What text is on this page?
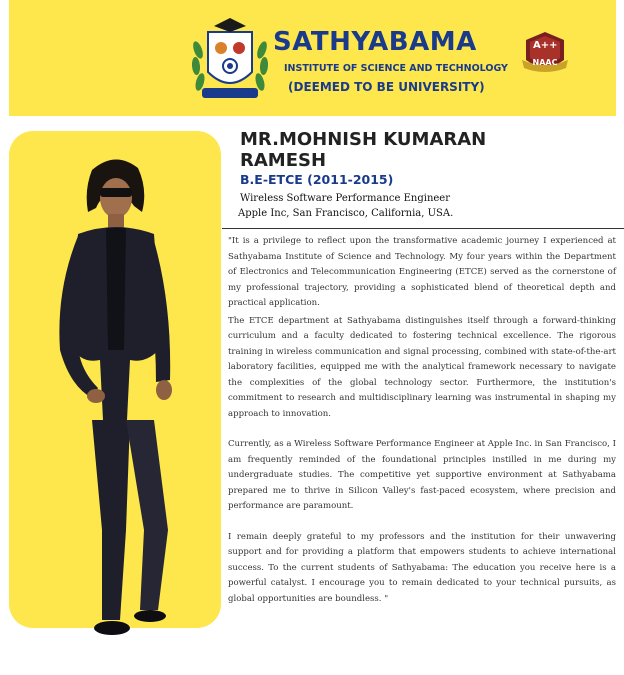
SATHYABAMA
INSTITUTE OF SCIENCE AND TECHNOLOGY
(DEEMED TO BE UNIVERSITY)
A++
NAAC
MR.MOHNISH KUMARAN
RAMESH
B.E-ETCE (2011-2015)
Wireless Software Performance Engineer
Apple Inc, San Francisco, California, USA.

"It is a privilege to reflect upon the transformative academic journey I experienced at Sathyabama Institute of Science and Technology. My four years within the Department of Electronics and Telecommunication Engineering (ETCE) served as the cornerstone of my professional trajectory, providing a sophisticated blend of theoretical depth and practical application.

The ETCE department at Sathyabama distinguishes itself through a forward-thinking curriculum and a faculty dedicated to fostering technical excellence. The rigorous training in wireless communication and signal processing, combined with state-of-the-art laboratory facilities, equipped me with the analytical framework necessary to navigate the complexities of the global technology sector. Furthermore, the institution's commitment to research and multidisciplinary learning was instrumental in shaping my approach to innovation.

Currently, as a Wireless Software Performance Engineer at Apple Inc. in San Francisco, I am frequently reminded of the foundational principles instilled in me during my undergraduate studies. The competitive yet supportive environment at Sathyabama prepared me to thrive in Silicon Valley's fast-paced ecosystem, where precision and performance are paramount.

I remain deeply grateful to my professors and the institution for their unwavering support and for providing a platform that empowers students to achieve international success. To the current students of Sathyabama: The education you receive here is a powerful catalyst. I encourage you to remain dedicated to your technical pursuits, as global opportunities are boundless. "
